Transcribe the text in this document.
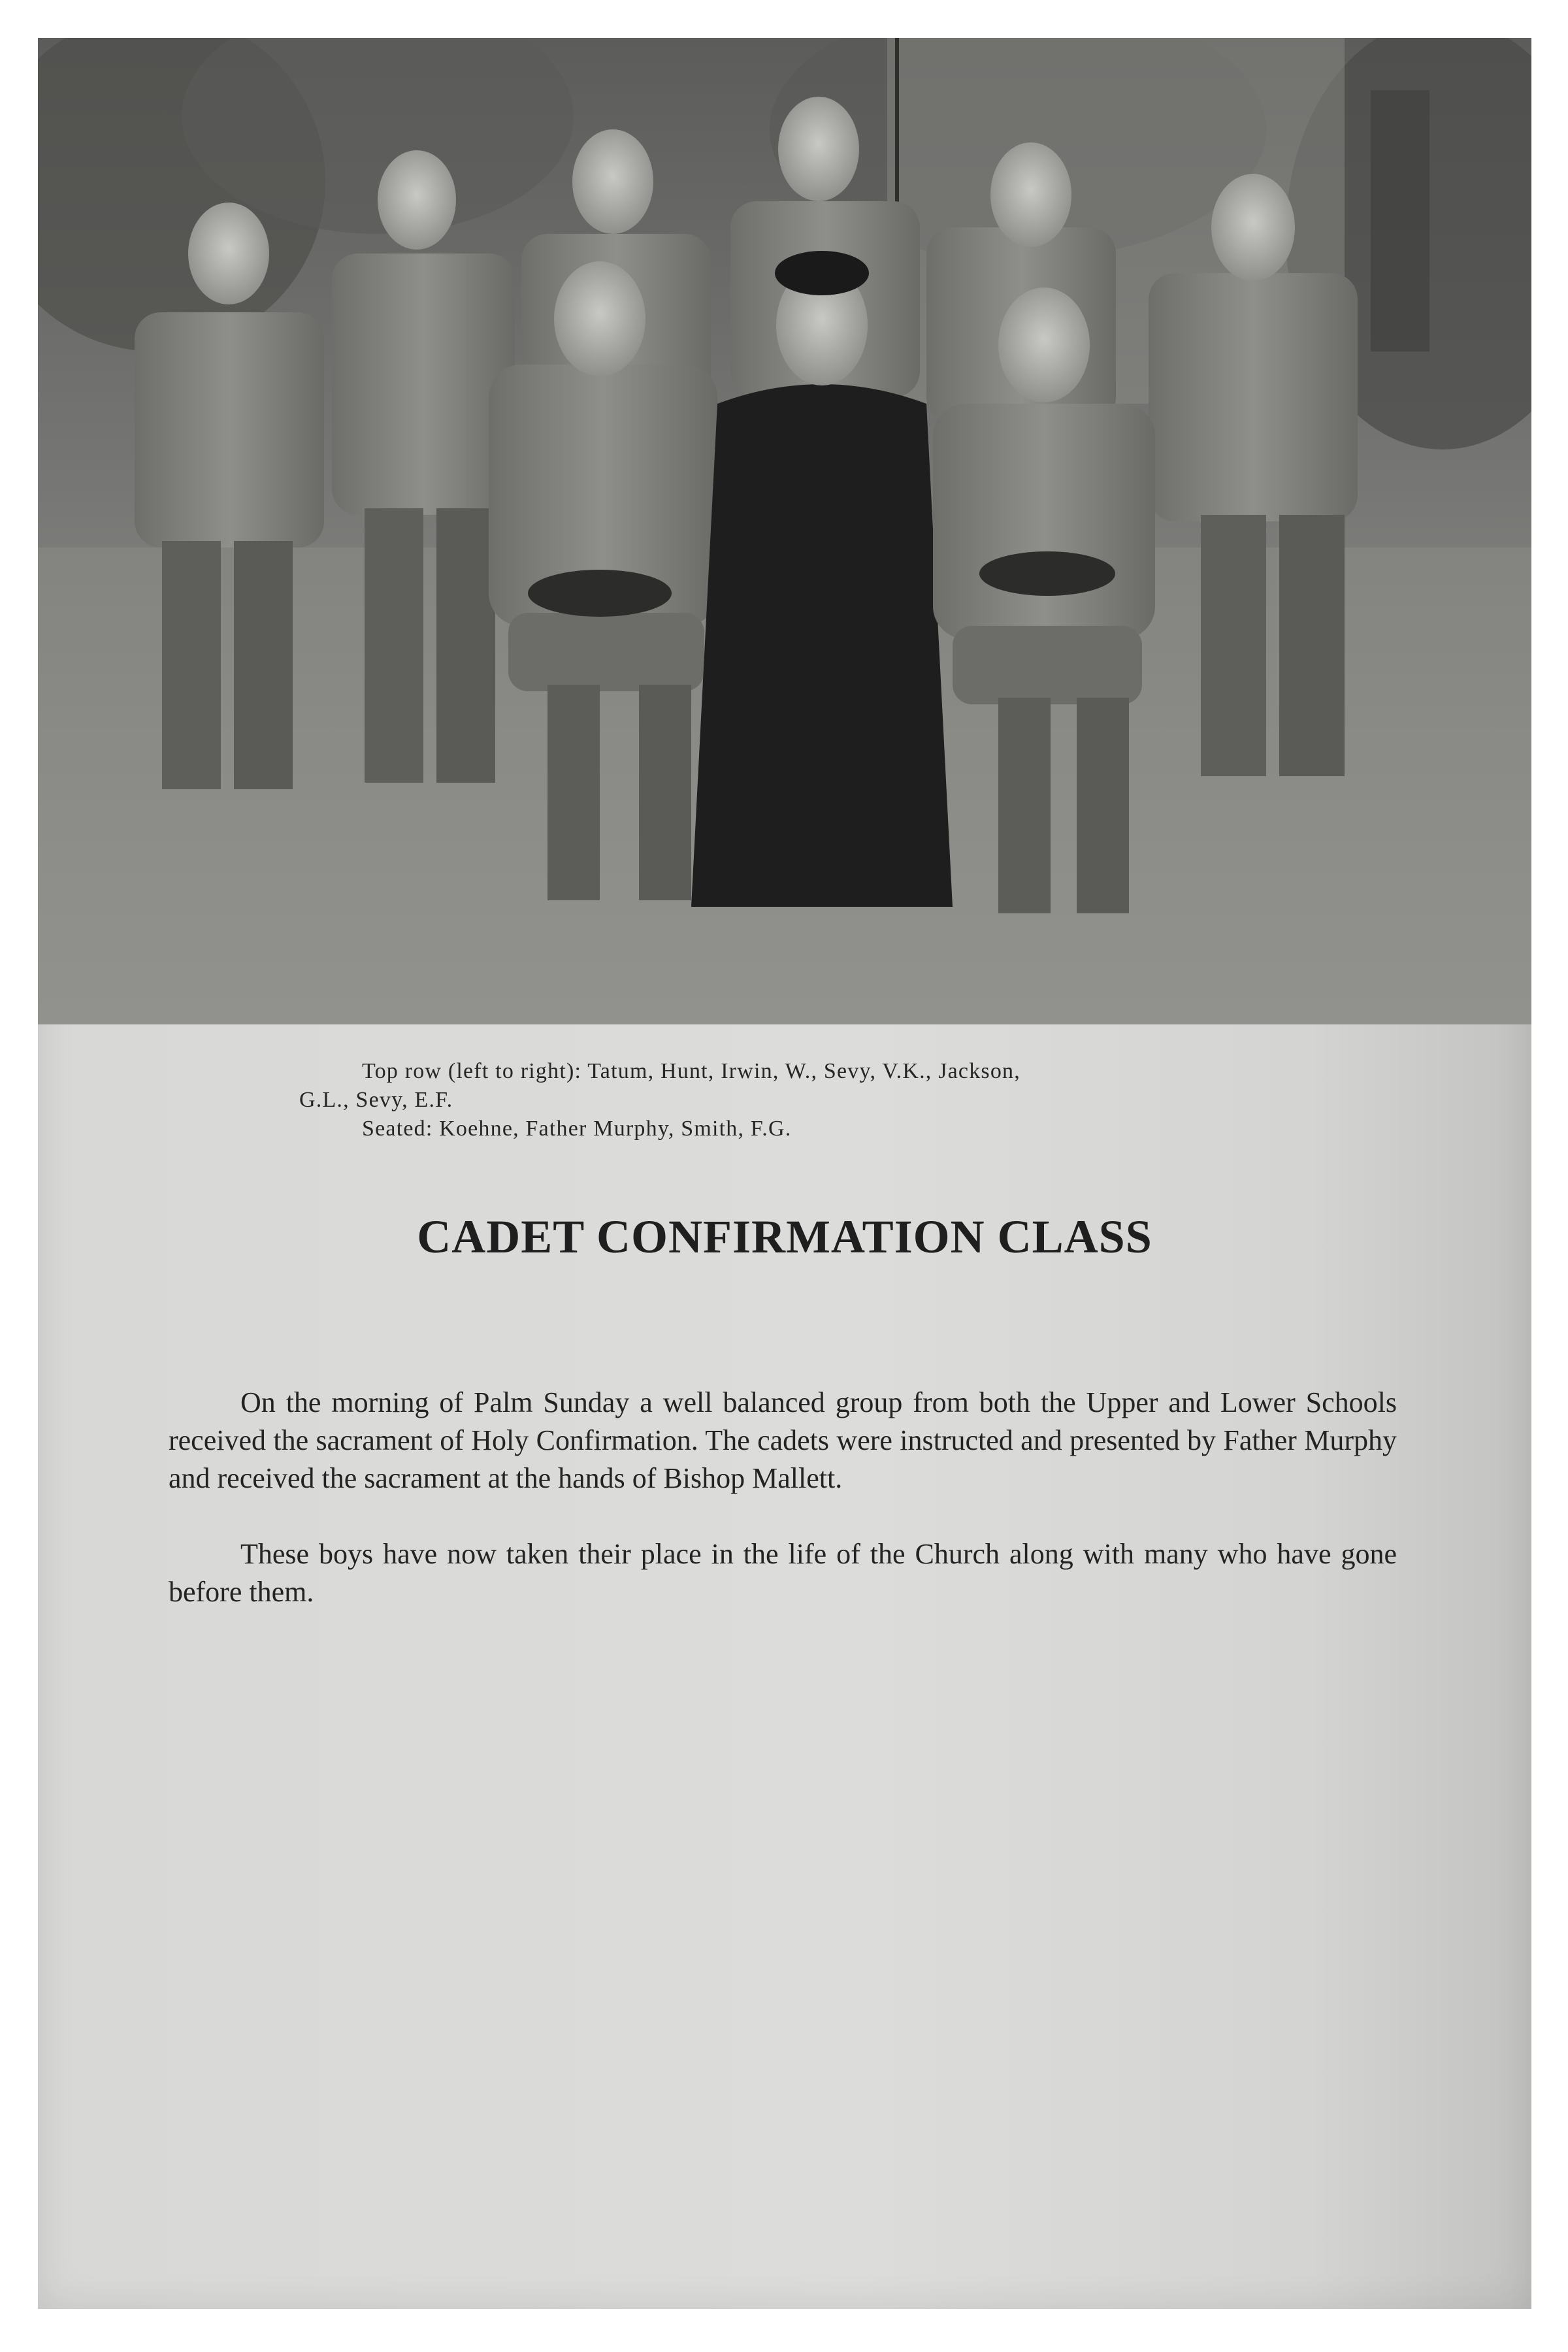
Top row (left to right): Tatum, Hunt, Irwin, W., Sevy, V.K., Jackson,
G.L., Sevy, E.F.
Seated: Koehne, Father Murphy, Smith, F.G.
CADET CONFIRMATION CLASS

On the morning of Palm Sunday a well balanced group from both the Upper and Lower Schools received the sacrament of Holy Confirmation. The cadets were instructed and presented by Father Murphy and received the sacrament at the hands of Bishop Mallett.

These boys have now taken their place in the life of the Church along with many who have gone before them.
